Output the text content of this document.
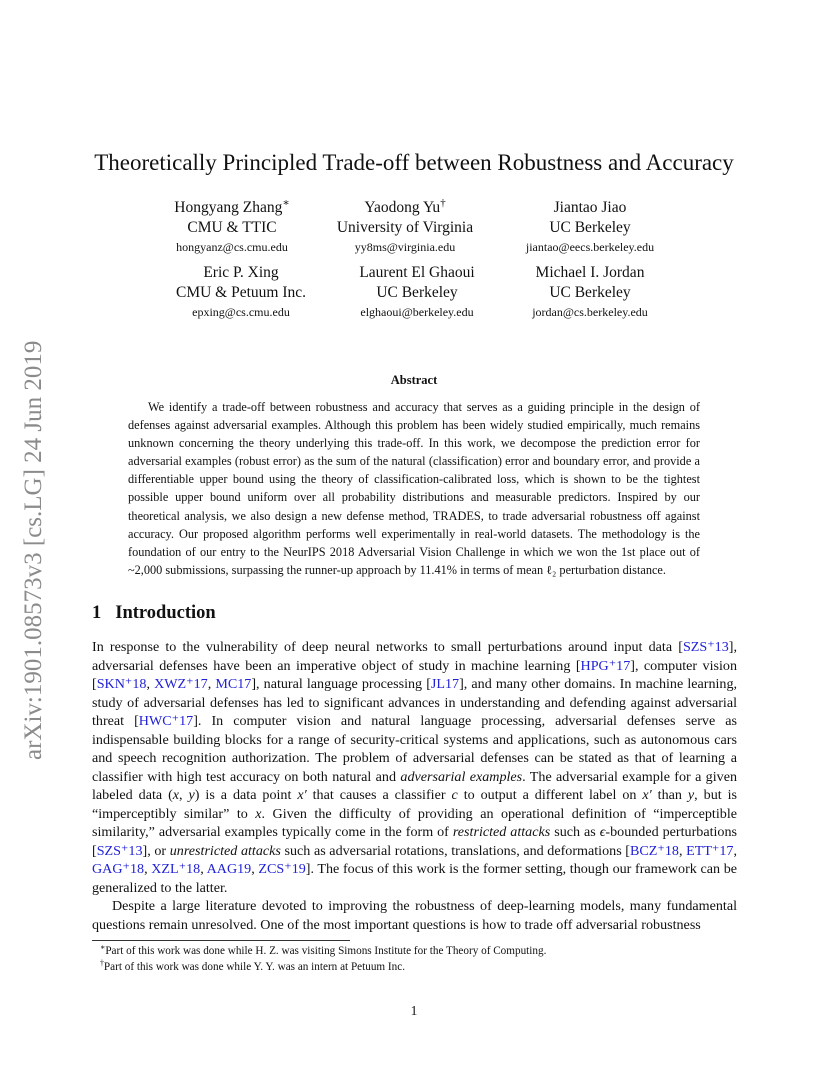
arXiv:1901.08573v3 [cs.LG] 24 Jun 2019
Theoretically Principled Trade-off between Robustness and Accuracy
Hongyang Zhang∗
CMU & TTIC
hongyanz@cs.cmu.edu
Yaodong Yu†
University of Virginia
yy8ms@virginia.edu
Jiantao Jiao
UC Berkeley
jiantao@eecs.berkeley.edu
Eric P. Xing
CMU & Petuum Inc.
epxing@cs.cmu.edu
Laurent El Ghaoui
UC Berkeley
elghaoui@berkeley.edu
Michael I. Jordan
UC Berkeley
jordan@cs.berkeley.edu
Abstract

We identify a trade-off between robustness and accuracy that serves as a guiding principle in the design of defenses against adversarial examples. Although this problem has been widely studied empirically, much remains unknown concerning the theory underlying this trade-off. In this work, we decompose the prediction error for adversarial examples (robust error) as the sum of the natural (classification) error and boundary error, and provide a differentiable upper bound using the theory of classification-calibrated loss, which is shown to be the tightest possible upper bound uniform over all probability distributions and measurable predictors. Inspired by our theoretical analysis, we also design a new defense method, TRADES, to trade adversarial robustness off against accuracy. Our proposed algorithm performs well experimentally in real-world datasets. The methodology is the foundation of our entry to the NeurIPS 2018 Adversarial Vision Challenge in which we won the 1st place out of ~2,000 submissions, surpassing the runner-up approach by 11.41% in terms of mean ℓ₂ perturbation distance.

1 Introduction

In response to the vulnerability of deep neural networks to small perturbations around input data [SZS⁺13], adversarial defenses have been an imperative object of study in machine learning [HPG⁺17], computer vision [SKN⁺18, XWZ⁺17, MC17], natural language processing [JL17], and many other domains. In machine learning, study of adversarial defenses has led to significant advances in understanding and defending against adversarial threat [HWC⁺17]. In computer vision and natural language processing, adversarial defenses serve as indispensable building blocks for a range of security-critical systems and applications, such as autonomous cars and speech recognition authorization. The problem of adversarial defenses can be stated as that of learning a classifier with high test accuracy on both natural and adversarial examples. The adversarial example for a given labeled data (x, y) is a data point x′ that causes a classifier c to output a different label on x′ than y, but is “imperceptibly similar” to x. Given the difficulty of providing an operational definition of “imperceptible similarity,” adversarial examples typically come in the form of restricted attacks such as ϵ-bounded perturbations [SZS⁺13], or unrestricted attacks such as adversarial rotations, translations, and deformations [BCZ⁺18, ETT⁺17, GAG⁺18, XZL⁺18, AAG19, ZCS⁺19]. The focus of this work is the former setting, though our framework can be generalized to the latter.

Despite a large literature devoted to improving the robustness of deep-learning models, many fundamental questions remain unresolved. One of the most important questions is how to trade off adversarial robustness

∗Part of this work was done while H. Z. was visiting Simons Institute for the Theory of Computing.
†Part of this work was done while Y. Y. was an intern at Petuum Inc.
1
